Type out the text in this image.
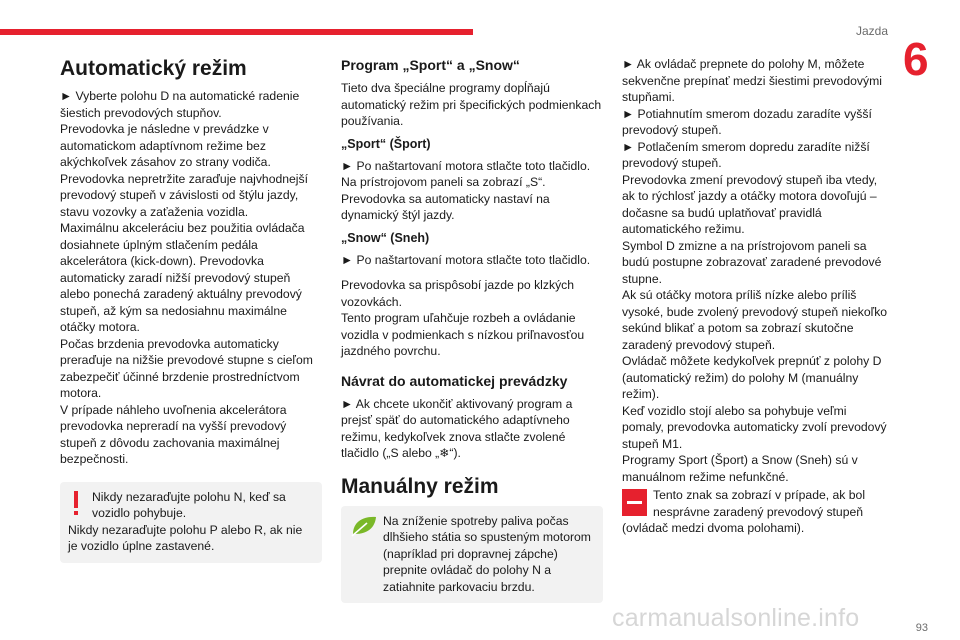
Jazda
6
Automatický režim
► Vyberte polohu D na automatické radenie šiestich prevodových stupňov.
Prevodovka je následne v prevádzke v automatickom adaptívnom režime bez akýchkoľvek zásahov zo strany vodiča.
Prevodovka nepretržite zaraďuje najvhodnejší prevodový stupeň v závislosti od štýlu jazdy, stavu vozovky a zaťaženia vozidla.
Maximálnu akceleráciu bez použitia ovládača dosiahnete úplným stlačením pedála akcelerátora (kick-down). Prevodovka automaticky zaradí nižší prevodový stupeň alebo ponechá zaradený aktuálny prevodový stupeň, až kým sa nedosiahnu maximálne otáčky motora.
Počas brzdenia prevodovka automaticky preraďuje na nižšie prevodové stupne s cieľom zabezpečiť účinné brzdenie prostredníctvom motora.
V prípade náhleho uvoľnenia akcelerátora prevodovka nepreradí na vyšší prevodový stupeň z dôvodu zachovania maximálnej bezpečnosti.
Nikdy nezaraďujte polohu N, keď sa vozidlo pohybuje.
Nikdy nezaraďujte polohu P alebo R, ak nie je vozidlo úplne zastavené.
Program „Sport“ a „Snow“
Tieto dva špeciálne programy dopĺňajú automatický režim pri špecifických podmienkach používania.
„Sport“ (Šport)
► Po naštartovaní motora stlačte toto tlačidlo.
Na prístrojovom paneli sa zobrazí „S“.
Prevodovka sa automaticky nastaví na dynamický štýl jazdy.
„Snow“ (Sneh)
► Po naštartovaní motora stlačte toto tlačidlo.
Prevodovka sa prispôsobí jazde po klzkých vozovkách.
Tento program uľahčuje rozbeh a ovládanie vozidla v podmienkach s nízkou priľnavosťou jazdného povrchu.
Návrat do automatickej prevádzky
► Ak chcete ukončiť aktivovaný program a prejsť späť do automatického adaptívneho režimu, kedykoľvek znova stlačte zvolené tlačidlo („S alebo „❄“).
Manuálny režim
Na zníženie spotreby paliva počas dlhšieho státia so spusteným motorom (napríklad pri dopravnej zápche) prepnite ovládač do polohy N a zatiahnite parkovaciu brzdu.
► Ak ovládač prepnete do polohy M, môžete sekvenčne prepínať medzi šiestimi prevodovými stupňami.
► Potiahnutím smerom dozadu zaradíte vyšší prevodový stupeň.
► Potlačením smerom dopredu zaradíte nižší prevodový stupeň.
Prevodovka zmení prevodový stupeň iba vtedy, ak to rýchlosť jazdy a otáčky motora dovoľujú – dočasne sa budú uplatňovať pravidlá automatického režimu.
Symbol D zmizne a na prístrojovom paneli sa budú postupne zobrazovať zaradené prevodové stupne.
Ak sú otáčky motora príliš nízke alebo príliš vysoké, bude zvolený prevodový stupeň niekoľko sekúnd blikať a potom sa zobrazí skutočne zaradený prevodový stupeň.
Ovládač môžete kedykoľvek prepnúť z polohy D (automatický režim) do polohy M (manuálny režim).
Keď vozidlo stojí alebo sa pohybuje veľmi pomaly, prevodovka automaticky zvolí prevodový stupeň M1.
Programy Sport (Šport) a Snow (Sneh) sú v manuálnom režime nefunkčné.
Tento znak sa zobrazí v prípade, ak bol nesprávne zaradený prevodový stupeň (ovládač medzi dvoma polohami).
carmanualsonline.info	93
